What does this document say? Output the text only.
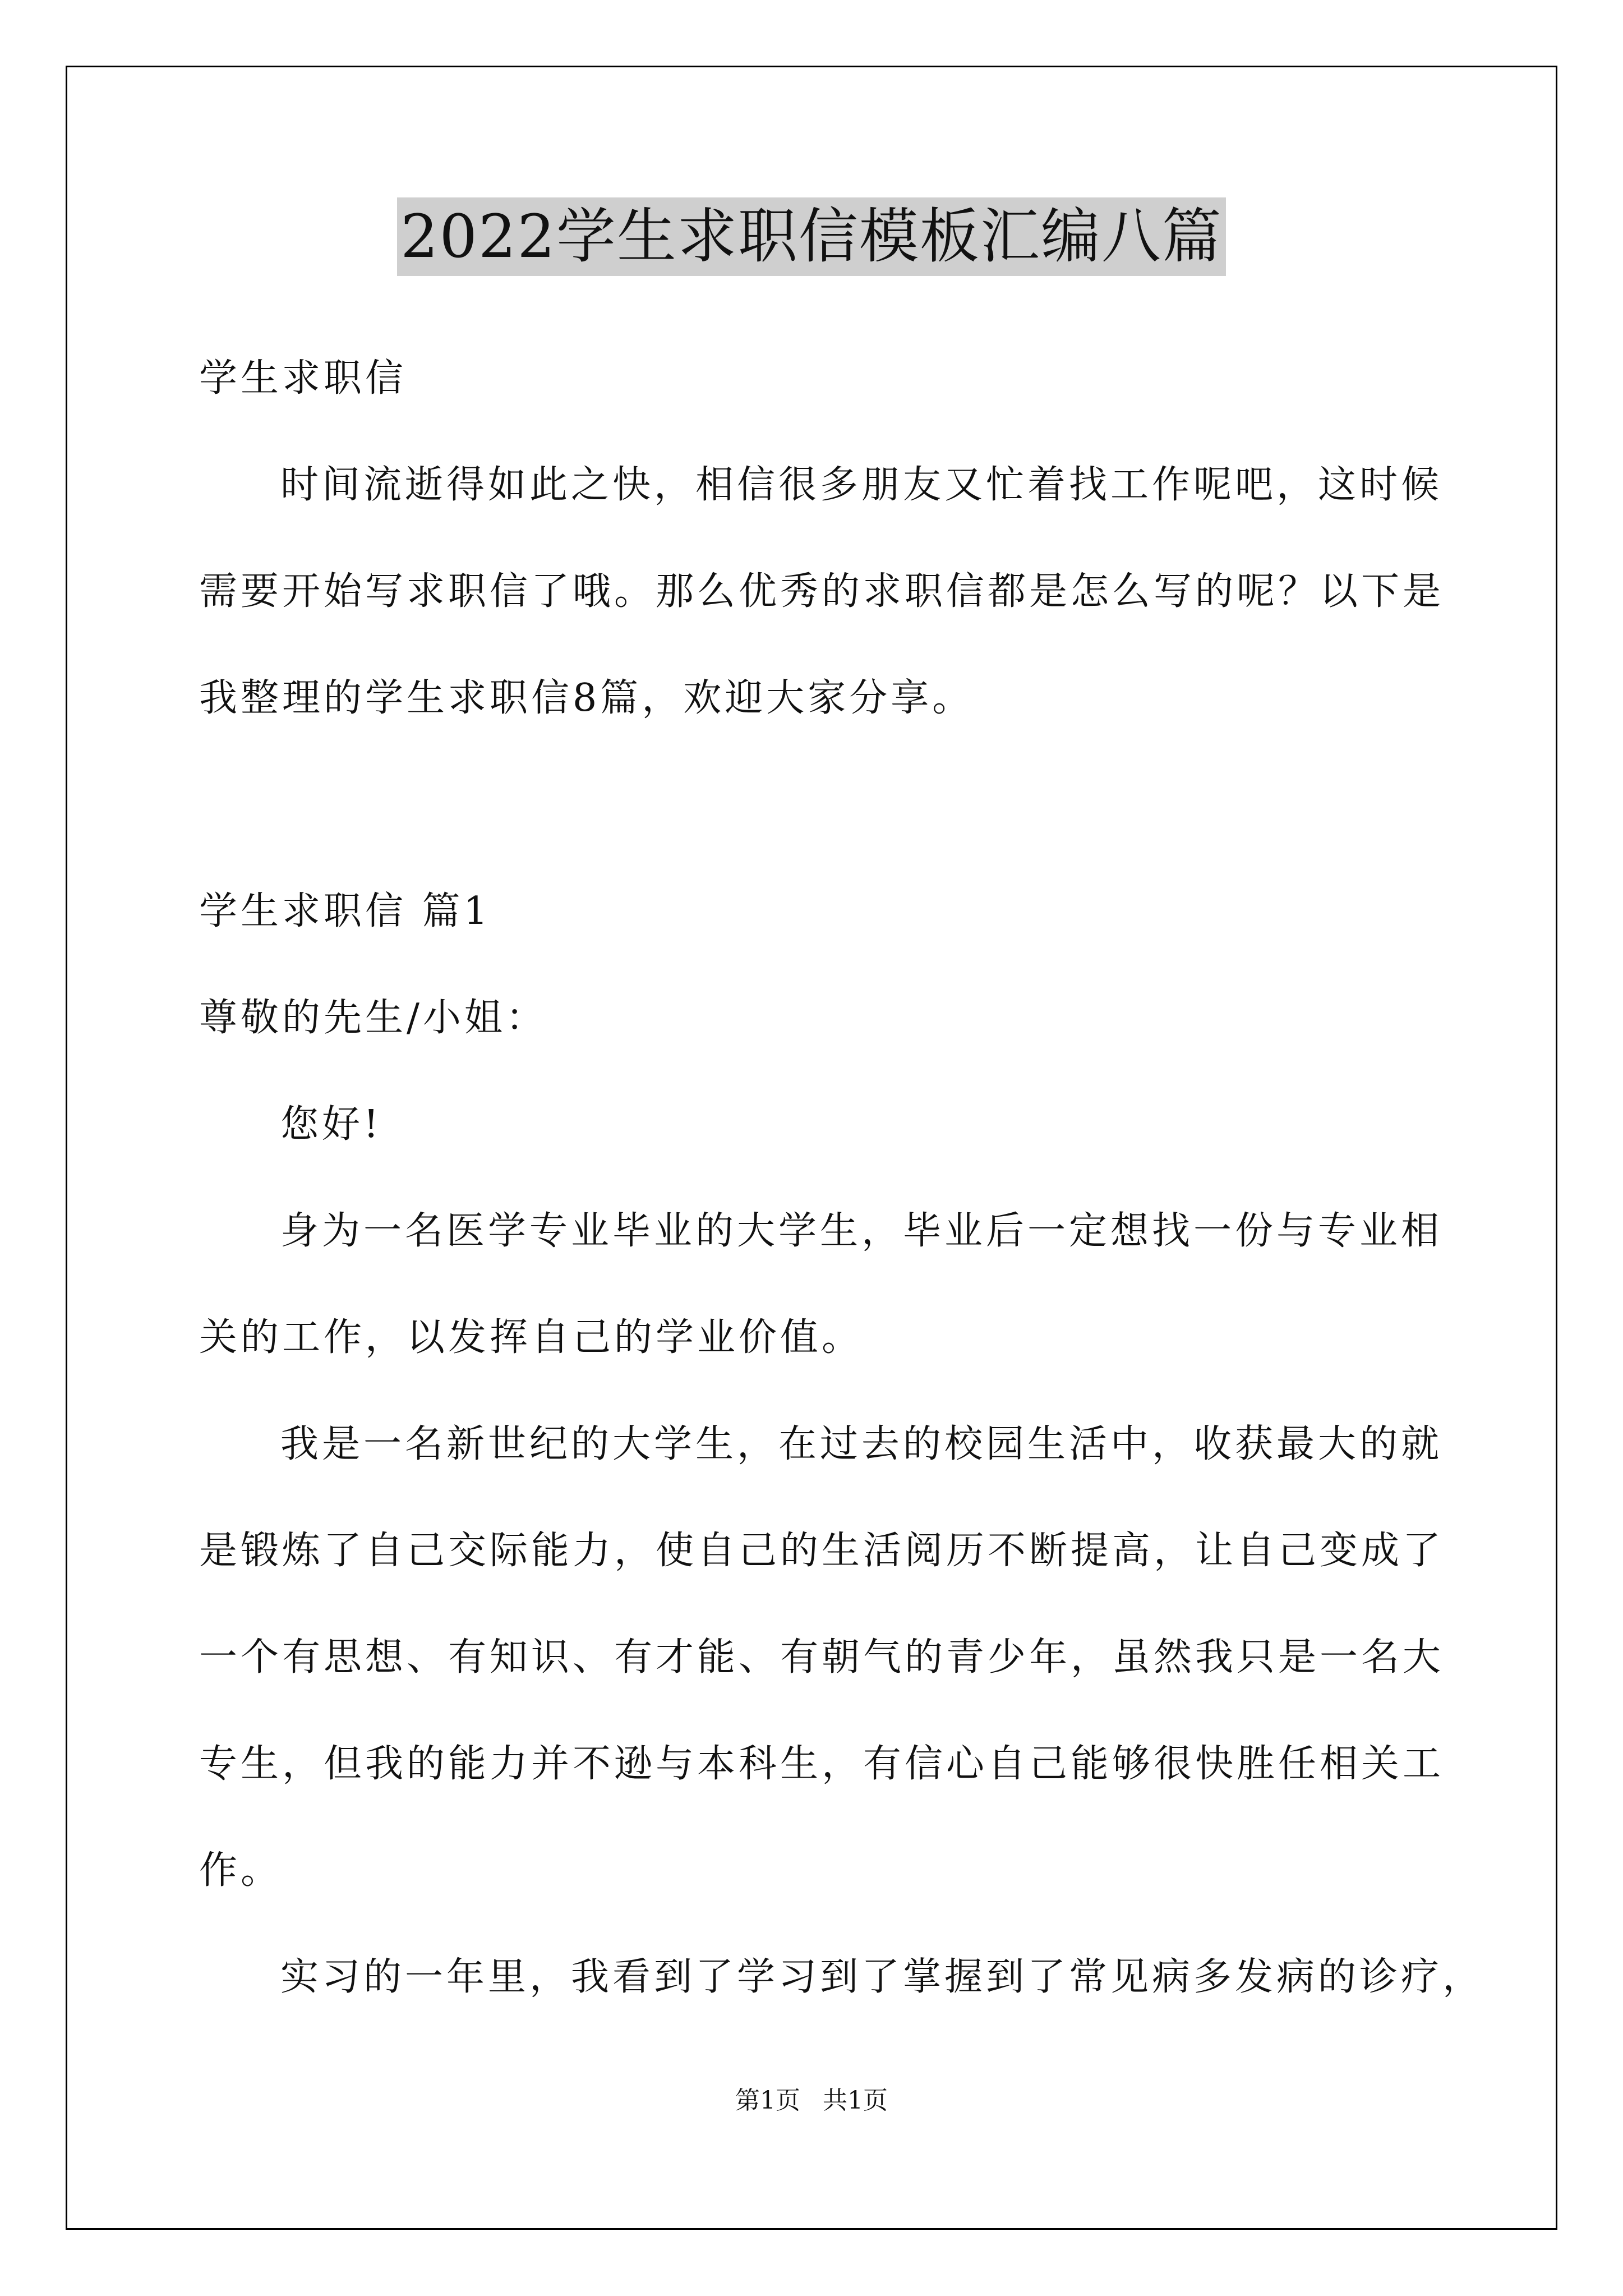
2022学生求职信模板汇编八篇
学生求职信
时间流逝得如此之快，相信很多朋友又忙着找工作呢吧，这时候
需要开始写求职信了哦。那么优秀的求职信都是怎么写的呢？以下是
我整理的学生求职信8篇，欢迎大家分享。
学生求职信 篇1
尊敬的先生/小姐：
您好!
身为一名医学专业毕业的大学生，毕业后一定想找一份与专业相
关的工作，以发挥自己的学业价值。
我是一名新世纪的大学生，在过去的校园生活中，收获最大的就
是锻炼了自己交际能力，使自己的生活阅历不断提高，让自己变成了
一个有思想、有知识、有才能、有朝气的青少年，虽然我只是一名大
专生，但我的能力并不逊与本科生，有信心自己能够很快胜任相关工
作。
实习的一年里，我看到了学习到了掌握到了常见病多发病的诊疗，
第1页 共1页
